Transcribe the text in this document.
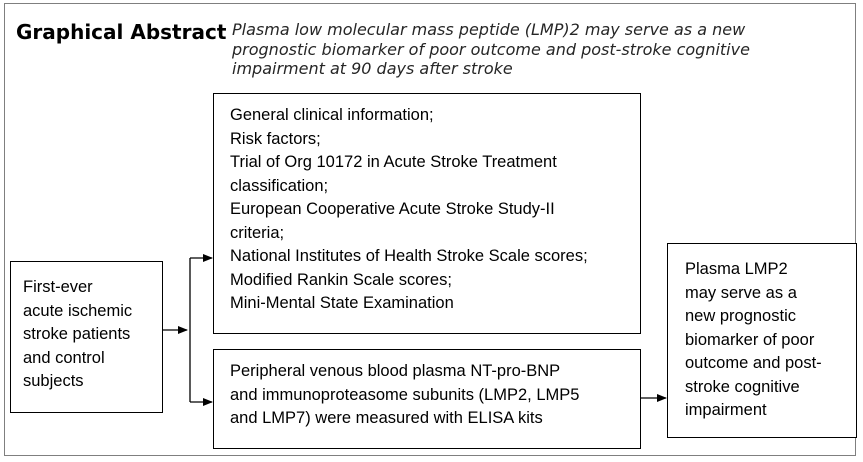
Graphical Abstract Plasma low molecular mass peptide (LMP)2 may serve as a new prognostic biomarker of poor outcome and post-stroke cognitive impairment at 90 days after stroke
First-ever
acute ischemic
stroke patients
and control
subjects
General clinical information;
Risk factors;
Trial of Org 10172 in Acute Stroke Treatment
classification;
European Cooperative Acute Stroke Study-II
criteria;
National Institutes of Health Stroke Scale scores;
Modified Rankin Scale scores;
Mini-Mental State Examination
Peripheral venous blood plasma NT-pro-BNP
and immunoproteasome subunits (LMP2, LMP5
and LMP7) were measured with ELISA kits
Plasma LMP2
may serve as a
new prognostic
biomarker of poor
outcome and post-
stroke cognitive
impairment
